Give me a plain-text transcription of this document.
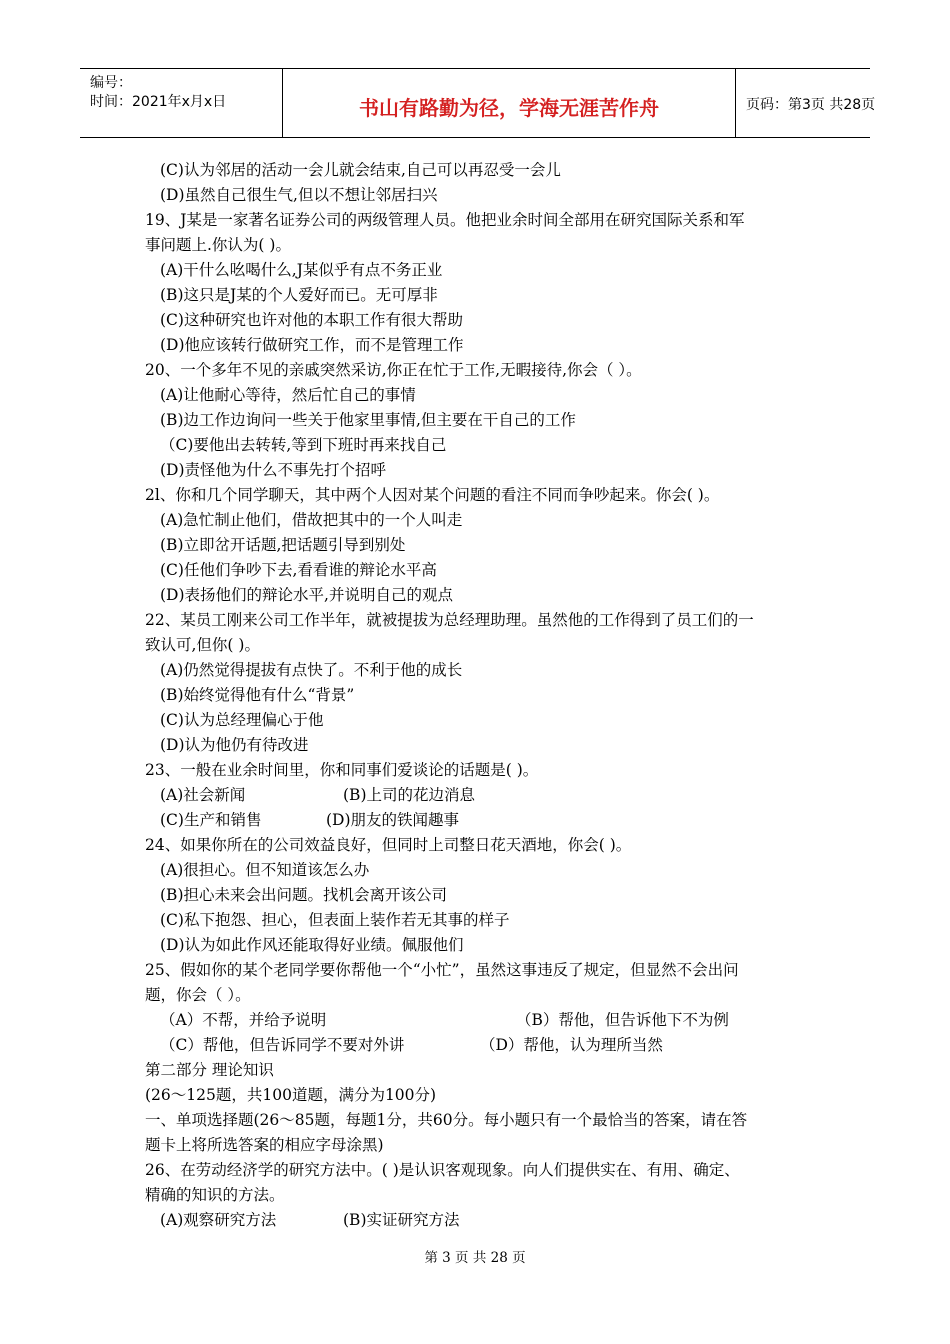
编号：
时间：2021年x月x日	书山有路勤为径，学海无涯苦作舟	页码：第3页 共28页
(C)认为邻居的活动一会儿就会结束,自己可以再忍受一会儿
(D)虽然自己很生气,但以不想让邻居扫兴
19、J某是一家著名证券公司的两级管理人员。他把业余时间全部用在研究国际关系和军
事问题上.你认为( )。
(A)干什么吆喝什么,J某似乎有点不务正业
(B)这只是J某的个人爱好而已。无可厚非
(C)这种研究也许对他的本职工作有很大帮助
(D)他应该转行做研究工作，而不是管理工作
20、一个多年不见的亲戚突然采访,你正在忙于工作,无暇接待,你会（ ）。
(A)让他耐心等待，然后忙自己的事情
(B)边工作边询问一些关于他家里事情,但主要在干自己的工作
（C)要他出去转转,等到下班时再来找自己
(D)责怪他为什么不事先打个招呼
2l、你和几个同学聊天，其中两个人因对某个问题的看注不同而争吵起来。你会( )。
(A)急忙制止他们，借故把其中的一个人叫走
(B)立即岔开话题,把话题引导到别处
(C)任他们争吵下去,看看谁的辩论水平高
(D)表扬他们的辩论水平,并说明自己的观点
22、某员工刚来公司工作半年，就被提拔为总经理助理。虽然他的工作得到了员工们的一
致认可,但你( )。
(A)仍然觉得提拔有点快了。不利于他的成长
(B)始终觉得他有什么“背景”
(C)认为总经理偏心于他
(D)认为他仍有待改进
23、一般在业余时间里，你和同事们爱谈论的话题是( )。
(A)社会新闻	(B)上司的花边消息
(C)生产和销售	(D)朋友的铁闻趣事
24、如果你所在的公司效益良好，但同时上司整日花天酒地，你会( )。
(A)很担心。但不知道该怎么办
(B)担心未来会出问题。找机会离开该公司
(C)私下抱怨、担心，但表面上装作若无其事的样子
(D)认为如此作风还能取得好业绩。佩服他们
25、假如你的某个老同学要你帮他一个“小忙”，虽然这事违反了规定，但显然不会出问
题，你会（ ）。
（A）不帮，并给予说明	（B）帮他，但告诉他下不为例
（C）帮他，但告诉同学不要对外讲	（D）帮他，认为理所当然
第二部分 理论知识
(26～125题，共100道题，满分为100分)
一、单项选择题(26～85题，每题1分，共60分。每小题只有一个最恰当的答案，请在答
题卡上将所选答案的相应字母涂黑)
26、在劳动经济学的研究方法中。( )是认识客观现象。向人们提供实在、有用、确定、
精确的知识的方法。
(A)观察研究方法	(B)实证研究方法
第 3 页 共 28 页
